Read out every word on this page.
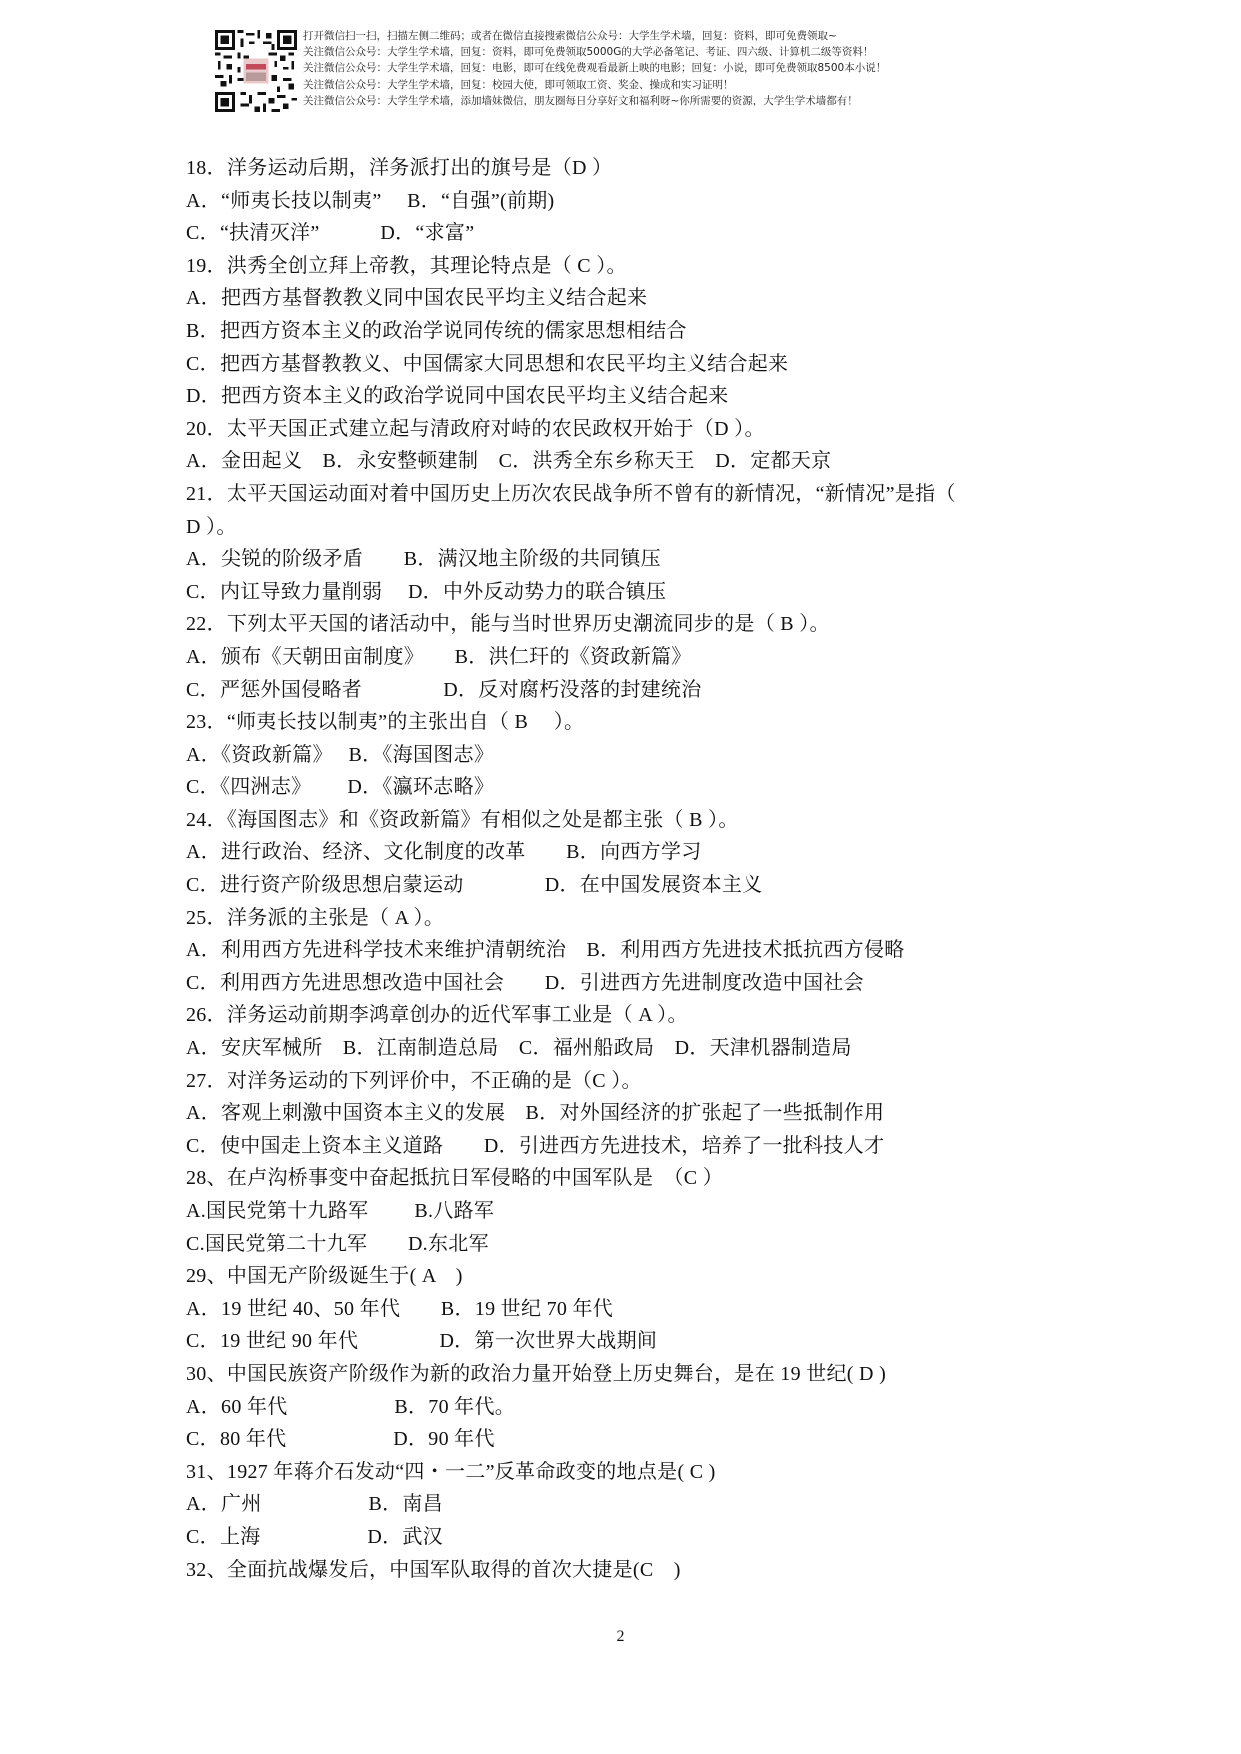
打开微信扫一扫，扫描左侧二维码；或者在微信直接搜索微信公众号：大学生学术墙，回复：资料，即可免费领取~
关注微信公众号：大学生学术墙，回复：资料，即可免费领取5000G的大学必备笔记、考证、四六级、计算机二级等资料！
关注微信公众号：大学生学术墙，回复：电影，即可在线免费观看最新上映的电影；回复：小说，即可免费领取8500本小说！
关注微信公众号：大学生学术墙，回复：校园大使，即可领取工资、奖金、操成和实习证明！
关注微信公众号：大学生学术墙，添加墙妹微信，朋友圈每日分享好文和福利呀~你所需要的资源，大学生学术墙都有！
18．洋务运动后期，洋务派打出的旗号是（D ）
A．“师夷长技以制夷”　 B．“自强”(前期)
C．“扶清灭洋”　　　D．“求富”
19．洪秀全创立拜上帝教，其理论特点是（ C ）。
A．把西方基督教教义同中国农民平均主义结合起来
B．把西方资本主义的政治学说同传统的儒家思想相结合
C．把西方基督教教义、中国儒家大同思想和农民平均主义结合起来
D．把西方资本主义的政治学说同中国农民平均主义结合起来
20．太平天国正式建立起与清政府对峙的农民政权开始于（D ）。
A．金田起义　B．永安整顿建制　C．洪秀全东乡称天王　D．定都天京
21．太平天国运动面对着中国历史上历次农民战争所不曾有的新情况，“新情况”是指（
D ）。
A．尖锐的阶级矛盾　　B．满汉地主阶级的共同镇压
C．内讧导致力量削弱　 D．中外反动势力的联合镇压
22．下列太平天国的诸活动中，能与当时世界历史潮流同步的是（ B ）。
A．颁布《天朝田亩制度》　　B．洪仁玕的《资政新篇》
C．严惩外国侵略者　　　　D．反对腐朽没落的封建统治
23．“师夷长技以制夷”的主张出自（ B 　）。
A．《资政新篇》　 B．《海国图志》
C．《四洲志》　　 D．《瀛环志略》
24．《海国图志》和《资政新篇》有相似之处是都主张（ B ）。
A．进行政治、经济、文化制度的改革　　B．向西方学习
C．进行资产阶级思想启蒙运动　　　　D．在中国发展资本主义
25．洋务派的主张是（ A ）。
A．利用西方先进科学技术来维护清朝统治　B．利用西方先进技术抵抗西方侵略
C．利用西方先进思想改造中国社会　　D．引进西方先进制度改造中国社会
26．洋务运动前期李鸿章创办的近代军事工业是（ A ）。
A．安庆军械所　B．江南制造总局　C．福州船政局　D．天津机器制造局
27．对洋务运动的下列评价中，不正确的是（C ）。
A．客观上刺激中国资本主义的发展　B．对外国经济的扩张起了一些抵制作用
C．使中国走上资本主义道路　　D．引进西方先进技术，培养了一批科技人才
28、在卢沟桥事变中奋起抵抗日军侵略的中国军队是　（C ）
A.国民党第十九路军　　 B.八路军
C.国民党第二十九军　　D.东北军
29、中国无产阶级诞生于( A　)
A．19 世纪 40、50 年代　　B．19 世纪 70 年代
C．19 世纪 90 年代　　　　D．第一次世界大战期间
30、中国民族资产阶级作为新的政治力量开始登上历史舞台，是在 19 世纪( D )
A．60 年代　　　　　 B．70 年代。
C．80 年代　　　　　 D．90 年代
31、1927 年蒋介石发动“四・一二”反革命政变的地点是( C )
A．广州　　　　　 B．南昌
C．上海　　　　　 D．武汉
32、全面抗战爆发后，中国军队取得的首次大捷是(C　)
2
